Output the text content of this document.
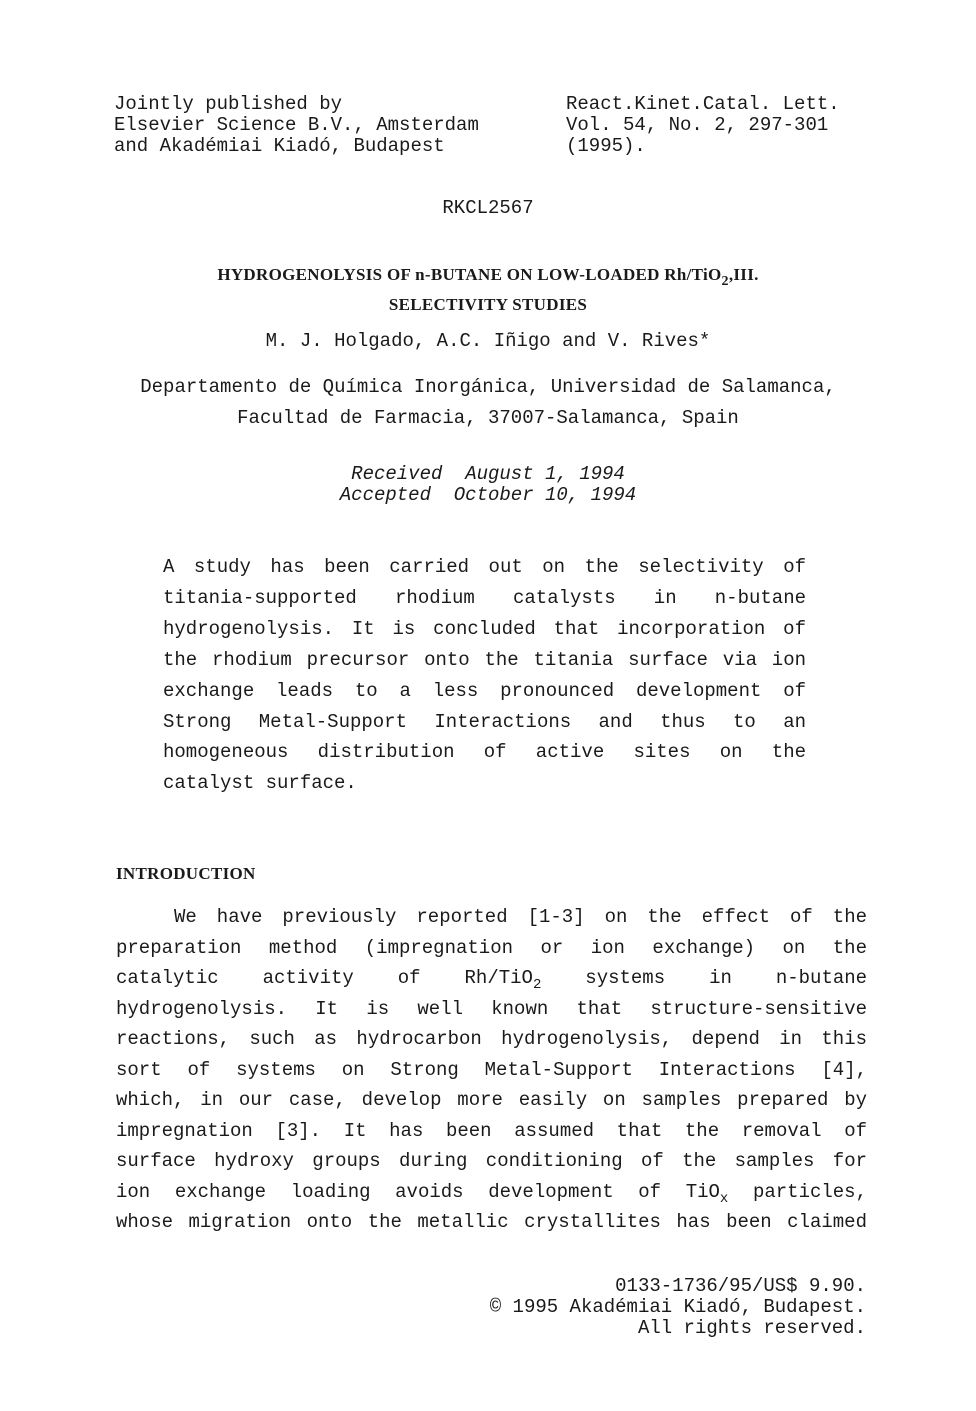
Jointly published by
Elsevier Science B.V., Amsterdam
and Akadémiai Kiadó, Budapest
React.Kinet.Catal. Lett.
Vol. 54, No. 2, 297-301
(1995).
RKCL2567
HYDROGENOLYSIS OF n-BUTANE ON LOW-LOADED Rh/TiO$_2$,III.
SELECTIVITY STUDIES
M. J. Holgado, A.C. Iñigo and V. Rives*
Departamento de Química Inorgánica, Universidad de Salamanca,
Facultad de Farmacia, 37007-Salamanca, Spain
Received  August 1, 1994
Accepted  October 10, 1994
A study has been carried out on the selectivity of
titania-supported rhodium catalysts in n-butane
hydrogenolysis. It is concluded that incorporation of
the rhodium precursor onto the titania surface via ion
exchange leads to a less pronounced development of
Strong Metal-Support Interactions and thus to an
homogeneous distribution of active sites on the
catalyst surface.
INTRODUCTION
We have previously reported [1-3] on the effect of the
preparation method (impregnation or ion exchange) on the
catalytic activity of Rh/TiO$_2$ systems in n-butane
hydrogenolysis. It is well known that structure-sensitive
reactions, such as hydrocarbon hydrogenolysis, depend in this
sort of systems on Strong Metal-Support Interactions [4],
which, in our case, develop more easily on samples prepared by
impregnation [3]. It has been assumed that the removal of
surface hydroxy groups during conditioning of the samples for
ion exchange loading avoids development of TiO$_x$ particles,
whose migration onto the metallic crystallites has been claimed
0133-1736/95/US$ 9.90.
© 1995 Akadémiai Kiadó, Budapest.
All rights reserved.
